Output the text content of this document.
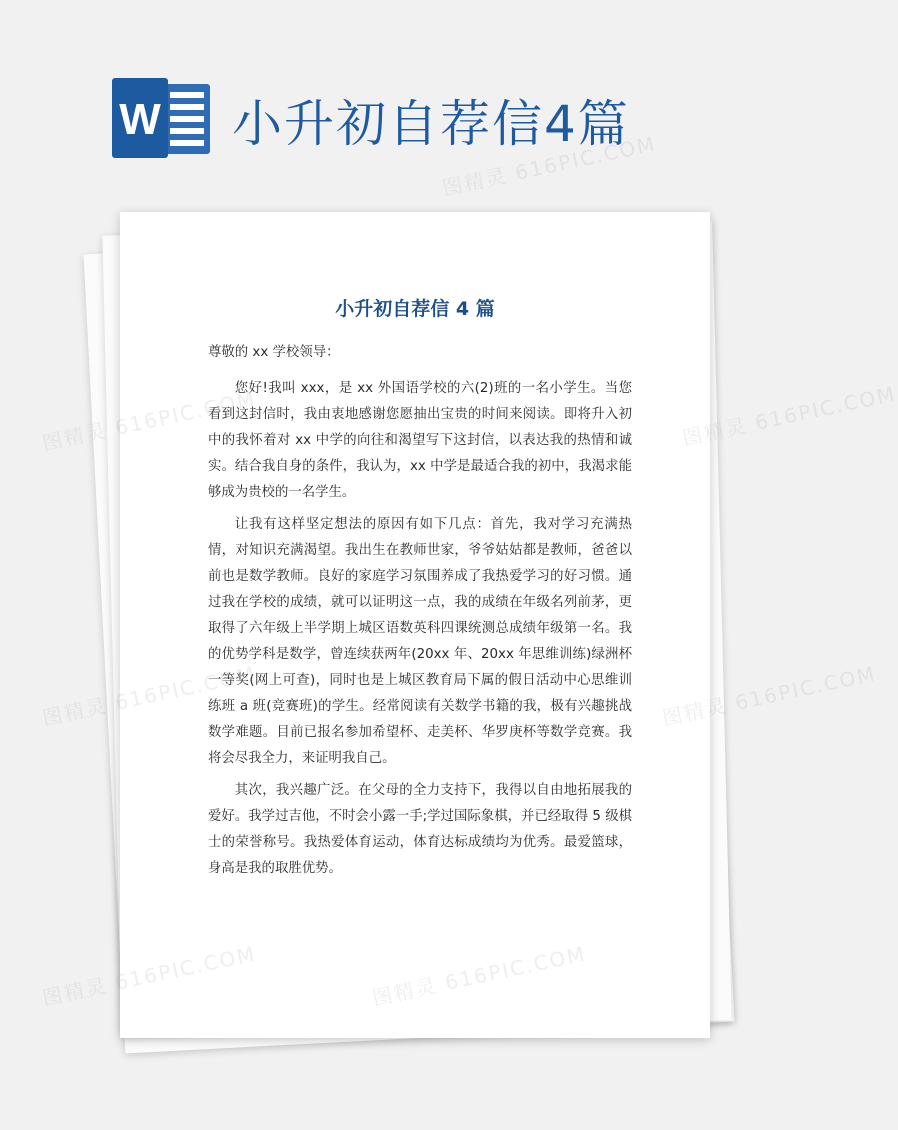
W 小升初自荐信4篇
小升初自荐信 4 篇

尊敬的 xx 学校领导：

您好!我叫 xxx，是 xx 外国语学校的六(2)班的一名小学生。当您看到这封信时，我由衷地感谢您愿抽出宝贵的时间来阅读。即将升入初中的我怀着对 xx 中学的向往和渴望写下这封信，以表达我的热情和诚实。结合我自身的条件，我认为，xx 中学是最适合我的初中，我渴求能够成为贵校的一名学生。

让我有这样坚定想法的原因有如下几点：首先，我对学习充满热情，对知识充满渴望。我出生在教师世家，爷爷姑姑都是教师，爸爸以前也是数学教师。良好的家庭学习氛围养成了我热爱学习的好习惯。通过我在学校的成绩，就可以证明这一点，我的成绩在年级名列前茅，更取得了六年级上半学期上城区语数英科四课统测总成绩年级第一名。我的优势学科是数学，曾连续获两年(20xx 年、20xx 年思维训练)绿洲杯一等奖(网上可查)，同时也是上城区教育局下属的假日活动中心思维训练班 a 班(竞赛班)的学生。经常阅读有关数学书籍的我，极有兴趣挑战数学难题。目前已报名参加希望杯、走美杯、华罗庚杯等数学竞赛。我将会尽我全力，来证明我自己。

其次，我兴趣广泛。在父母的全力支持下，我得以自由地拓展我的爱好。我学过吉他，不时会小露一手;学过国际象棋，并已经取得 5 级棋士的荣誉称号。我热爱体育运动，体育达标成绩均为优秀。最爱篮球，身高是我的取胜优势。

图精灵 616PIC.COM
图精灵	图精灵 616PIC.COM
图精灵	图精灵 616PIC.COM
图精灵
